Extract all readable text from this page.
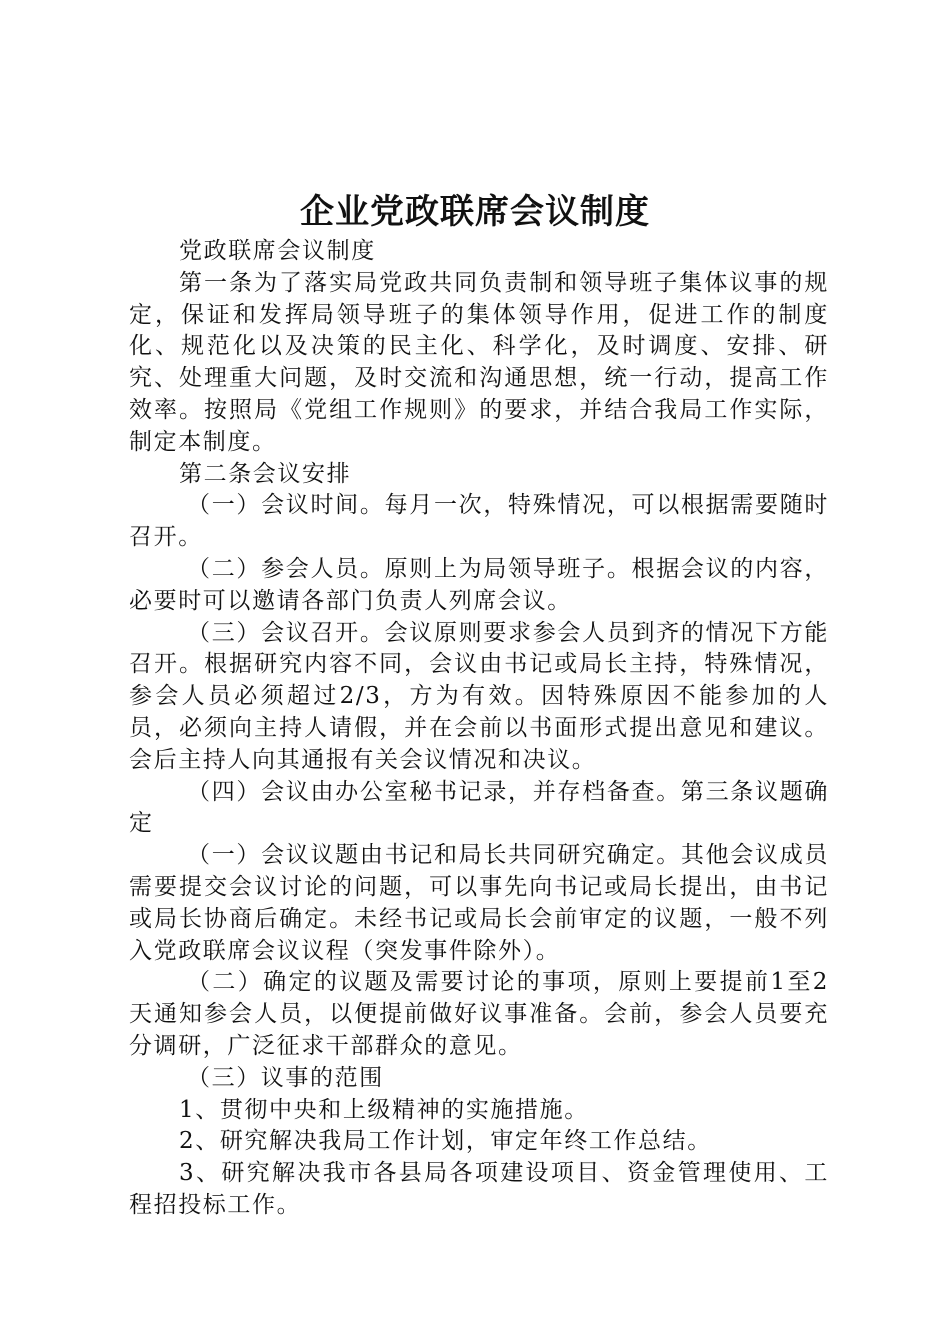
企业党政联席会议制度

党政联席会议制度

第一条为了落实局党政共同负责制和领导班子集体议事的规定，保证和发挥局领导班子的集体领导作用，促进工作的制度化、规范化以及决策的民主化、科学化，及时调度、安排、研究、处理重大问题，及时交流和沟通思想，统一行动，提高工作效率。按照局《党组工作规则》的要求，并结合我局工作实际，制定本制度。

第二条会议安排

（一）会议时间。每月一次，特殊情况，可以根据需要随时召开。

（二）参会人员。原则上为局领导班子。根据会议的内容，必要时可以邀请各部门负责人列席会议。

（三）会议召开。会议原则要求参会人员到齐的情况下方能召开。根据研究内容不同，会议由书记或局长主持，特殊情况，参会人员必须超过2/3，方为有效。因特殊原因不能参加的人员，必须向主持人请假，并在会前以书面形式提出意见和建议。会后主持人向其通报有关会议情况和决议。

（四）会议由办公室秘书记录，并存档备查。第三条议题确定

（一）会议议题由书记和局长共同研究确定。其他会议成员需要提交会议讨论的问题，可以事先向书记或局长提出，由书记或局长协商后确定。未经书记或局长会前审定的议题，一般不列入党政联席会议议程（突发事件除外）。

（二）确定的议题及需要讨论的事项，原则上要提前1至2天通知参会人员，以便提前做好议事准备。会前，参会人员要充分调研，广泛征求干部群众的意见。

（三）议事的范围

1、贯彻中央和上级精神的实施措施。

2、研究解决我局工作计划，审定年终工作总结。

3、研究解决我市各县局各项建设项目、资金管理使用、工程招投标工作。
